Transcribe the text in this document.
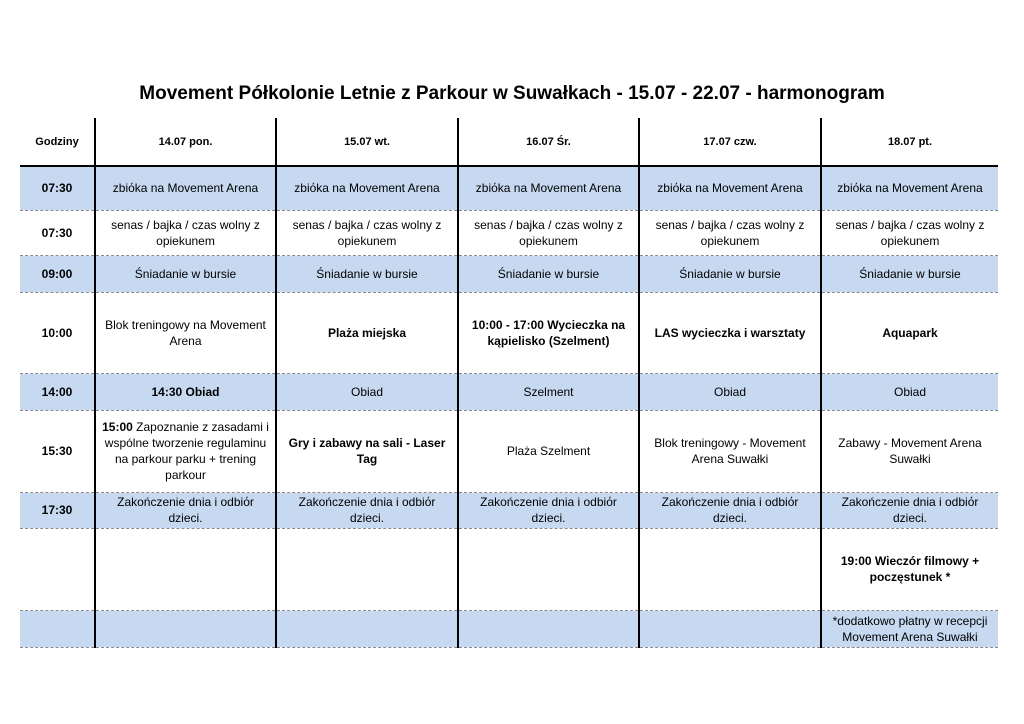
Movement Półkolonie Letnie z Parkour w Suwałkach - 15.07 - 22.07 - harmonogram
Godziny	14.07 pon.	15.07 wt.	16.07 Śr.	17.07 czw.	18.07 pt.
07:30	zbiόka na Movement Arena	zbiόka na Movement Arena	zbiόka na Movement Arena	zbiόka na Movement Arena	zbiόka na Movement Arena
07:30	senas / bajka / czas wolny z opiekunem	senas / bajka / czas wolny z opiekunem	senas / bajka / czas wolny z opiekunem	senas / bajka / czas wolny z opiekunem	senas / bajka / czas wolny z opiekunem
09:00	Śniadanie w bursie	Śniadanie w bursie	Śniadanie w bursie	Śniadanie w bursie	Śniadanie w bursie
10:00	Blok treningowy na Movement Arena	Plaża miejska	10:00 - 17:00 Wycieczka na kąpielisko (Szelment)	LAS wycieczka i warsztaty	Aquapark
14:00	14:30 Obiad	Obiad	Szelment	Obiad	Obiad
15:30	15:00 Zapoznanie z zasadami i wspólne tworzenie regulaminu na parkour parku + trening parkour	Gry i zabawy na sali - Laser Tag	Plaża Szelment	Blok treningowy - Movement Arena Suwałki	Zabawy - Movement Arena Suwałki
17:30	Zakończenie dnia i odbiόr dzieci.	Zakończenie dnia i odbiόr dzieci.	Zakończenie dnia i odbiόr dzieci.	Zakończenie dnia i odbiόr dzieci.	Zakończenie dnia i odbiόr dzieci.
					19:00 Wieczór filmowy + poczęstunek *
					*dodatkowo płatny w recepcji Movement Arena Suwałki
